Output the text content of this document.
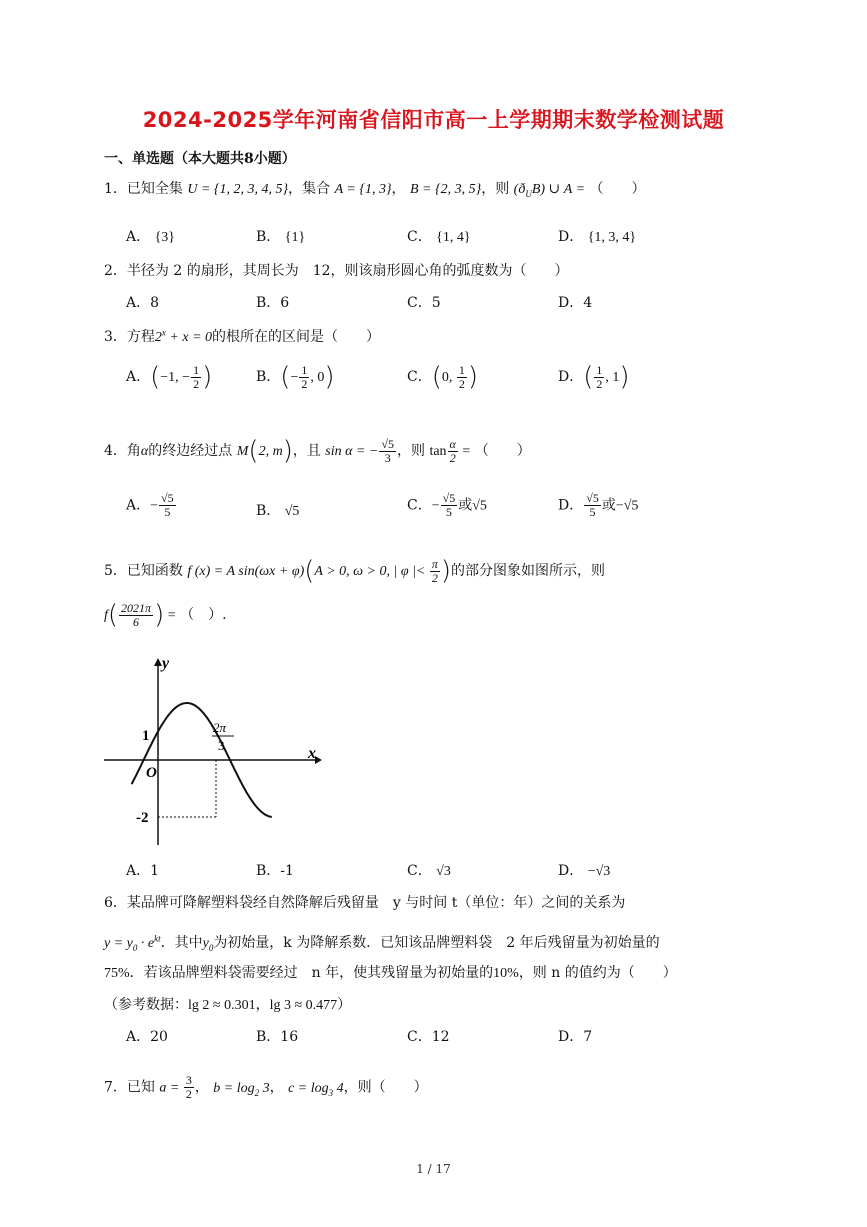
2024-2025学年河南省信阳市高一上学期期末数学检测试题
一、单选题（本大题共8小题）
1．已知全集 U = {1, 2, 3, 4, 5}，集合 A = {1, 3}， B = {2, 3, 5}，则 $(ð_UB)$ ∪ A = （　　）
A． {3}	B． {1}	C． {1, 4}	D． {1, 3, 4}
2．半径为 2 的扇形，其周长为　12，则该扇形圆心角的弧度数为（　　）
A．8	B．6	C．5	D．4
3．方程$2^x + x = 0$的根所在的区间是（　　）
A．(−1, − $\frac{1}{2}$ )	B．(− $\frac{1}{2}$ , 0)	C．(0, $\frac{1}{2}$ )	D．( $\frac{1}{2}$ , 1)
4．角α的终边经过点 M(2, m)，且 sin α = − $\frac{√5}{3}$ ，则 $\tan \frac{\alpha}{2}$ = （　　）
A．− $\frac{√5}{5}$	B． √5	C．− $\frac{√5}{5}$ 或√5	D． $\frac{√5}{5}$ 或−√5
5．已知函数 f (x) = A sin(ωx + φ)(A > 0, ω > 0, | φ |< $\frac{\pi}{2}$ )的部分图象如图所示，则
$f( \frac{2021\pi}{6}$ ) = （　）.
y
x
O
1
-2
2π
3
A．1	B．-1	C． √3	D． −√3
6．某品牌可降解塑料袋经自然降解后残留量　y 与时间 t（单位：年）之间的关系为
$y = y_0 \cdot e^{kt}$．其中$y_0$为初始量，k 为降解系数．已知该品牌塑料袋　2 年后残留量为初始量的
75%．若该品牌塑料袋需要经过　n 年，使其残留量为初始量的10%，则 n 的值约为（　　）
（参考数据：lg 2 ≈ 0.301，lg 3 ≈ 0.477）
A．20	B．16	C．12	D．7
7．已知 $a = \frac{3}{2}$ ， $b = \log_2 3$， $c = \log_3 4$，则（　　）
1 / 17
